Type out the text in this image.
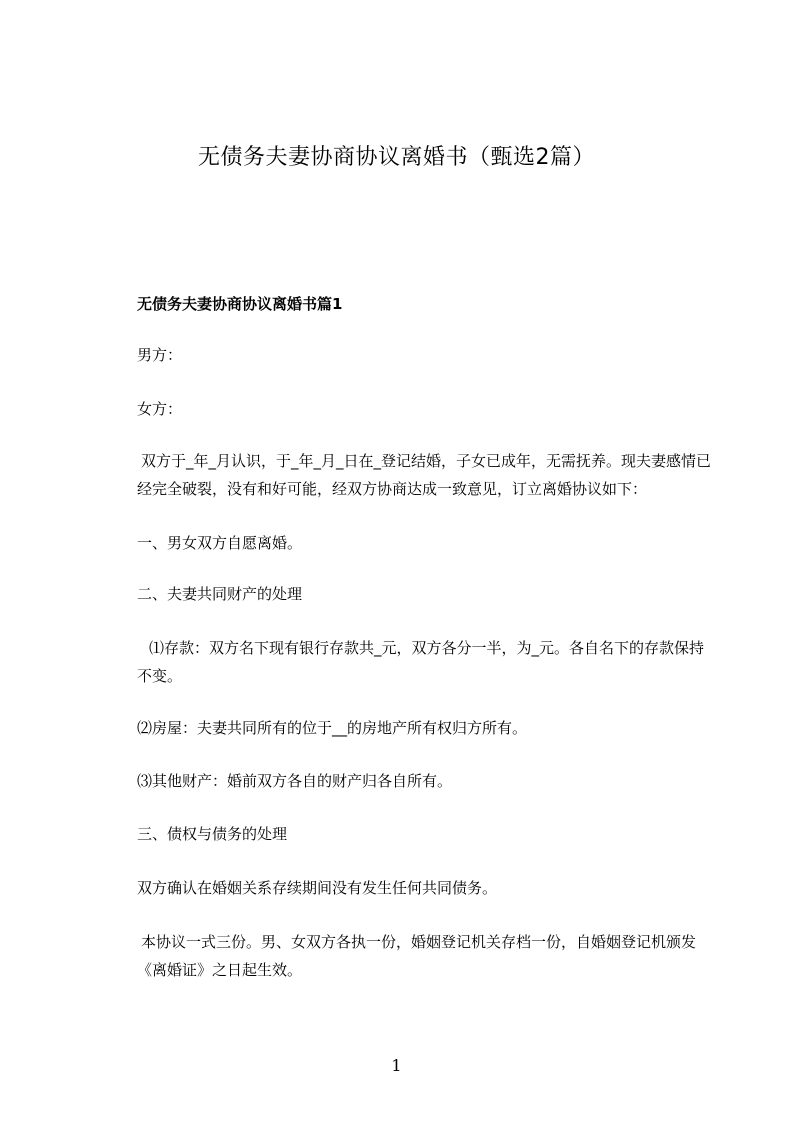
无债务夫妻协商协议离婚书（甄选2篇）

无债务夫妻协商协议离婚书篇1

男方：

女方：

双方于_年_月认识，于_年_月_日在_登记结婚，子女已成年，无需抚养。现夫妻感情已经完全破裂，没有和好可能，经双方协商达成一致意见，订立离婚协议如下：

一、男女双方自愿离婚。

二、夫妻共同财产的处理

⑴存款：双方名下现有银行存款共_元，双方各分一半，为_元。各自名下的存款保持不变。

⑵房屋：夫妻共同所有的位于__的房地产所有权归方所有。

⑶其他财产：婚前双方各自的财产归各自所有。

三、债权与债务的处理

双方确认在婚姻关系存续期间没有发生任何共同债务。

本协议一式三份。男、女双方各执一份，婚姻登记机关存档一份，自婚姻登记机颁发《离婚证》之日起生效。

1
